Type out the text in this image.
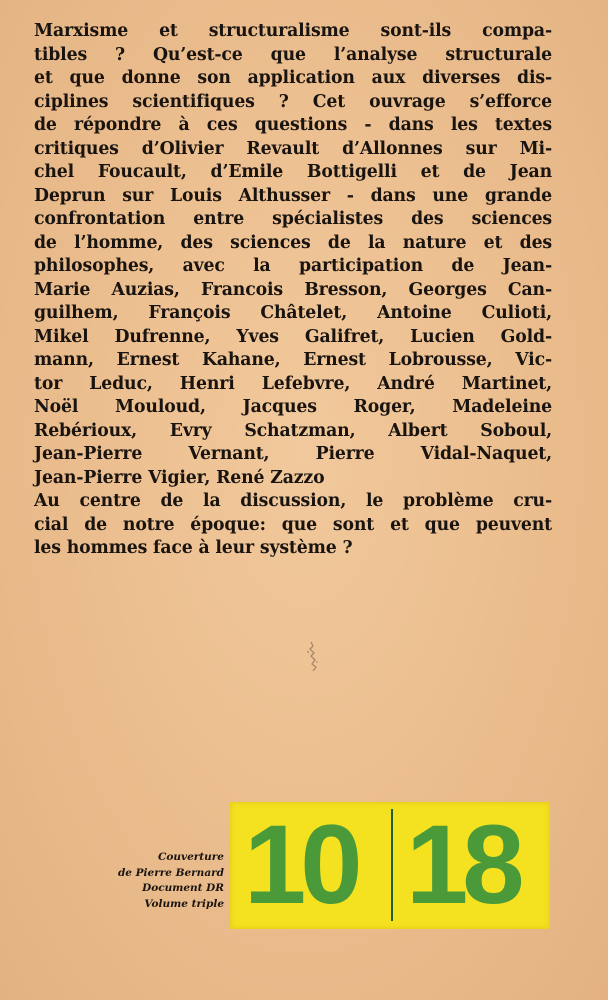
Marxisme et structuralisme sont-ils compa-
tibles ? Qu’est-ce que l’analyse structurale
et que donne son application aux diverses dis-
ciplines scientifiques ? Cet ouvrage s’efforce
de répondre à ces questions - dans les textes
critiques d’Olivier Revault d’Allonnes sur Mi-
chel Foucault, d’Emile Bottigelli et de Jean
Deprun sur Louis Althusser - dans une grande
confrontation entre spécialistes des sciences
de l’homme, des sciences de la nature et des
philosophes, avec la participation de Jean-
Marie Auzias, Francois Bresson, Georges Can-
guilhem, François Châtelet, Antoine Culioti,
Mikel Dufrenne, Yves Galifret, Lucien Gold-
mann, Ernest Kahane, Ernest Lobrousse, Vic-
tor Leduc, Henri Lefebvre, André Martinet,
Noël Mouloud, Jacques Roger, Madeleine
Rebérioux, Evry Schatzman, Albert Soboul,
Jean-Pierre Vernant, Pierre Vidal-Naquet,
Jean-Pierre Vigier, René Zazzo
Au centre de la discussion, le problème cru-
cial de notre époque: que sont et que peuvent
les hommes face à leur système ?
Couverture
de Pierre Bernard
Document DR
Volume triple 10 18
